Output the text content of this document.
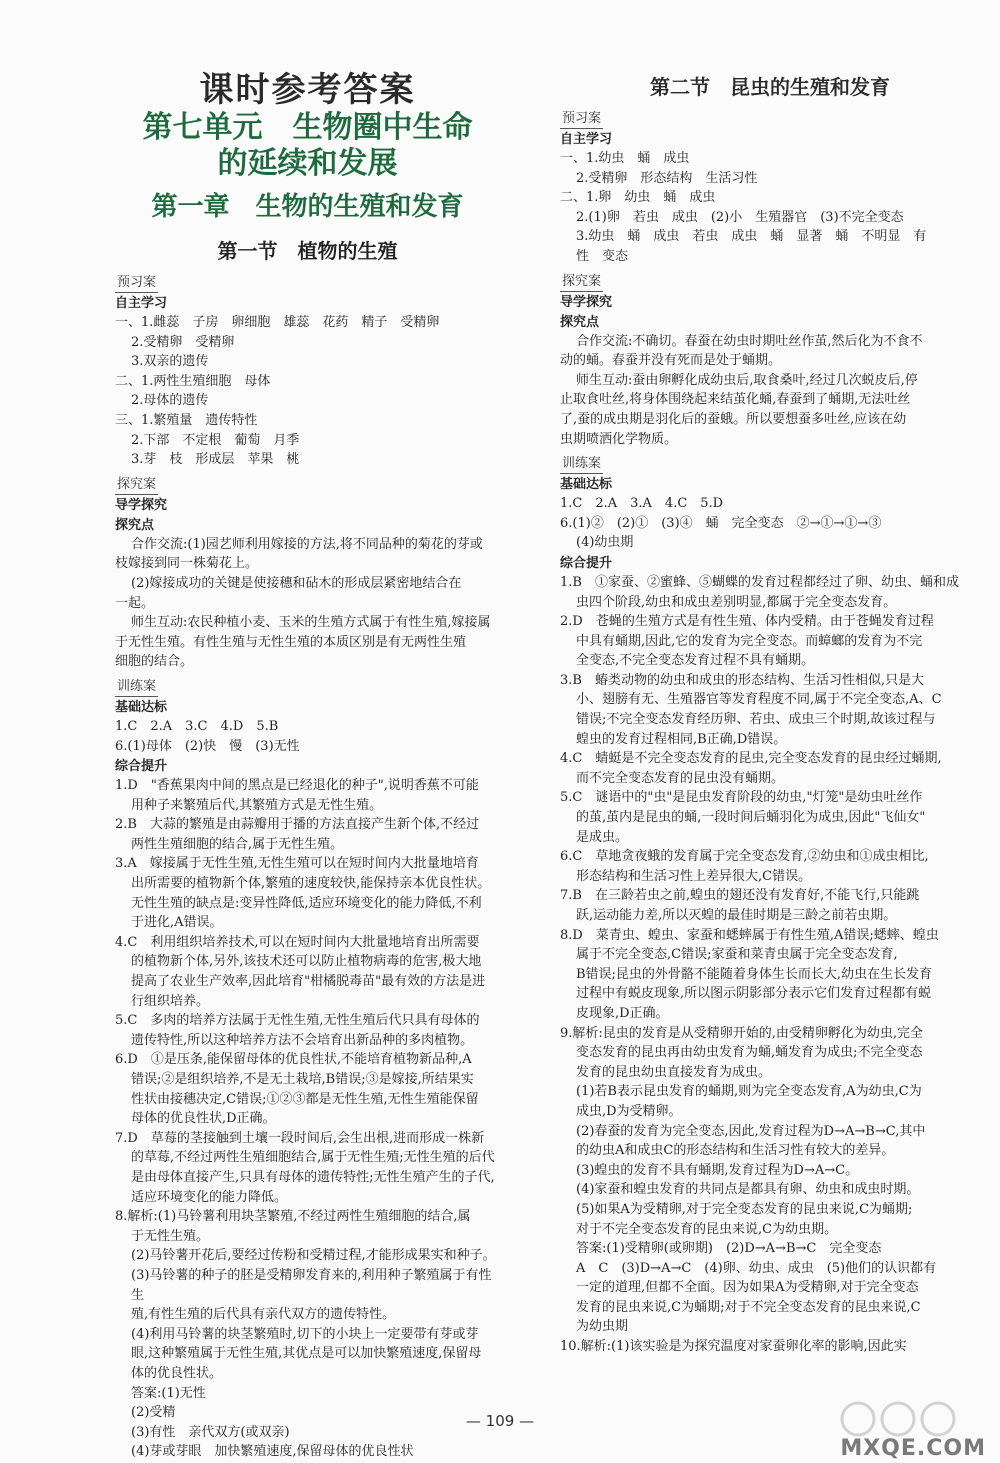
课时参考答案
第七单元　生物圈中生命
的延续和发展
第一章　生物的生殖和发育
第一节　植物的生殖
预习案
自主学习
一、1.雌蕊　子房　卵细胞　雄蕊　花药　精子　受精卵
2.受精卵　受精卵
3.双亲的遗传
二、1.两性生殖细胞　母体
2.母体的遗传
三、1.繁殖量　遗传特性
2.下部　不定根　葡萄　月季
3.芽　枝　形成层　苹果　桃
探究案
导学探究
探究点
合作交流:(1)园艺师利用嫁接的方法,将不同品种的菊花的芽或
枝嫁接到同一株菊花上。
(2)嫁接成功的关键是使接穗和砧木的形成层紧密地结合在
一起。
师生互动:农民种植小麦、玉米的生殖方式属于有性生殖,嫁接属
于无性生殖。有性生殖与无性生殖的本质区别是有无两性生殖
细胞的结合。
训练案
基础达标
1.C　2.A　3.C　4.D　5.B
6.(1)母体　(2)快　慢　(3)无性
综合提升
1.D　"香蕉果肉中间的黑点是已经退化的种子",说明香蕉不可能
用种子来繁殖后代,其繁殖方式是无性生殖。
2.B　大蒜的繁殖是由蒜瓣用于播的方法直接产生新个体,不经过
两性生殖细胞的结合,属于无性生殖。
3.A　嫁接属于无性生殖,无性生殖可以在短时间内大批量地培育
出所需要的植物新个体,繁殖的速度较快,能保持亲本优良性状。
无性生殖的缺点是:变异性降低,适应环境变化的能力降低,不利
于进化,A错误。
4.C　利用组织培养技术,可以在短时间内大批量地培育出所需要
的植物新个体,另外,该技术还可以防止植物病毒的危害,极大地
提高了农业生产效率,因此培育"柑橘脱毒苗"最有效的方法是进
行组织培养。
5.C　多肉的培养方法属于无性生殖,无性生殖后代只具有母体的
遗传特性,所以这种培养方法不会培育出新品种的多肉植物。
6.D　①是压条,能保留母体的优良性状,不能培育植物新品种,A
错误;②是组织培养,不是无土栽培,B错误;③是嫁接,所结果实
性状由接穗决定,C错误;①②③都是无性生殖,无性生殖能保留
母体的优良性状,D正确。
7.D　草莓的茎接触到土壤一段时间后,会生出根,进而形成一株新
的草莓,不经过两性生殖细胞结合,属于无性生殖;无性生殖的后代
是由母体直接产生,只具有母体的遗传特性;无性生殖产生的子代,
适应环境变化的能力降低。
8.解析:(1)马铃薯利用块茎繁殖,不经过两性生殖细胞的结合,属
于无性生殖。
(2)马铃薯开花后,要经过传粉和受精过程,才能形成果实和种子。
(3)马铃薯的种子的胚是受精卵发育来的,利用种子繁殖属于有性生
殖,有性生殖的后代具有亲代双方的遗传特性。
(4)利用马铃薯的块茎繁殖时,切下的小块上一定要带有芽或芽
眼,这种繁殖属于无性生殖,其优点是可以加快繁殖速度,保留母
体的优良性状。
答案:(1)无性
(2)受精
(3)有性　亲代双方(或双亲)
(4)芽或芽眼　加快繁殖速度,保留母体的优良性状
第二节　昆虫的生殖和发育
预习案
自主学习
一、1.幼虫　蛹　成虫
2.受精卵　形态结构　生活习性
二、1.卵　幼虫　蛹　成虫
2.(1)卵　若虫　成虫　(2)小　生殖器官　(3)不完全变态
3.幼虫　蛹　成虫　若虫　成虫　蛹　显著　蛹　不明显　有
性　变态
探究案
导学探究
探究点
合作交流:不确切。春蚕在幼虫时期吐丝作茧,然后化为不食不
动的蛹。春蚕并没有死而是处于蛹期。
师生互动:蚕由卵孵化成幼虫后,取食桑叶,经过几次蜕皮后,停
止取食吐丝,将身体围绕起来结茧化蛹,春蚕到了蛹期,无法吐丝
了,蚕的成虫期是羽化后的蚕蛾。所以要想蚕多吐丝,应该在幼
虫期喷洒化学物质。
训练案
基础达标
1.C　2.A　3.A　4.C　5.D
6.(1)②　(2)①　(3)④　蛹　完全变态　②→①→①→③
(4)幼虫期
综合提升
1.B　①家蚕、②蜜蜂、⑤蝴蝶的发育过程都经过了卵、幼虫、蛹和成
虫四个阶段,幼虫和成虫差别明显,都属于完全变态发育。
2.D　苍蝇的生殖方式是有性生殖、体内受精。由于苍蝇发育过程
中具有蛹期,因此,它的发育为完全变态。而蟑螂的发育为不完
全变态,不完全变态发育过程不具有蛹期。
3.B　蝽类动物的幼虫和成虫的形态结构、生活习性相似,只是大
小、翅膀有无、生殖器官等发育程度不同,属于不完全变态,A、C
错误;不完全变态发育经历卵、若虫、成虫三个时期,故该过程与
蝗虫的发育过程相同,B正确,D错误。
4.C　蜻蜓是不完全变态发育的昆虫,完全变态发育的昆虫经过蛹期,
而不完全变态发育的昆虫没有蛹期。
5.C　谜语中的"虫"是昆虫发育阶段的幼虫,"灯笼"是幼虫吐丝作
的茧,茧内是昆虫的蛹,一段时间后蛹羽化为成虫,因此"飞仙女"
是成虫。
6.C　草地贪夜蛾的发育属于完全变态发育,②幼虫和①成虫相比,
形态结构和生活习性上差异很大,C错误。
7.B　在三龄若虫之前,蝗虫的翅还没有发育好,不能飞行,只能跳
跃,运动能力差,所以灭蝗的最佳时期是三龄之前若虫期。
8.D　菜青虫、蝗虫、家蚕和蟋蟀属于有性生殖,A错误;蟋蟀、蝗虫
属于不完全变态,C错误;家蚕和菜青虫属于完全变态发育,
B错误;昆虫的外骨骼不能随着身体生长而长大,幼虫在生长发育
过程中有蜕皮现象,所以图示阴影部分表示它们发育过程都有蜕
皮现象,D正确。
9.解析:昆虫的发育是从受精卵开始的,由受精卵孵化为幼虫,完全
变态发育的昆虫再由幼虫发育为蛹,蛹发育为成虫;不完全变态
发育的昆虫幼虫直接发育为成虫。
(1)若B表示昆虫发育的蛹期,则为完全变态发育,A为幼虫,C为
成虫,D为受精卵。
(2)春蚕的发育为完全变态,因此,发育过程为D→A→B→C,其中
的幼虫A和成虫C的形态结构和生活习性有较大的差异。
(3)蝗虫的发育不具有蛹期,发育过程为D→A→C。
(4)家蚕和蝗虫发育的共同点是都具有卵、幼虫和成虫时期。
(5)如果A为受精卵,对于完全变态发育的昆虫来说,C为蛹期;
对于不完全变态发育的昆虫来说,C为幼虫期。
答案:(1)受精卵(或卵期)　(2)D→A→B→C　完全变态
A　C　(3)D→A→C　(4)卵、幼虫、成虫　(5)他们的认识都有
一定的道理,但都不全面。因为如果A为受精卵,对于完全变态
发育的昆虫来说,C为蛹期;对于不完全变态发育的昆虫来说,C
为幼虫期
10.解析:(1)该实验是为探究温度对家蚕卵化率的影响,因此实
— 109 —
MXQE.COM
